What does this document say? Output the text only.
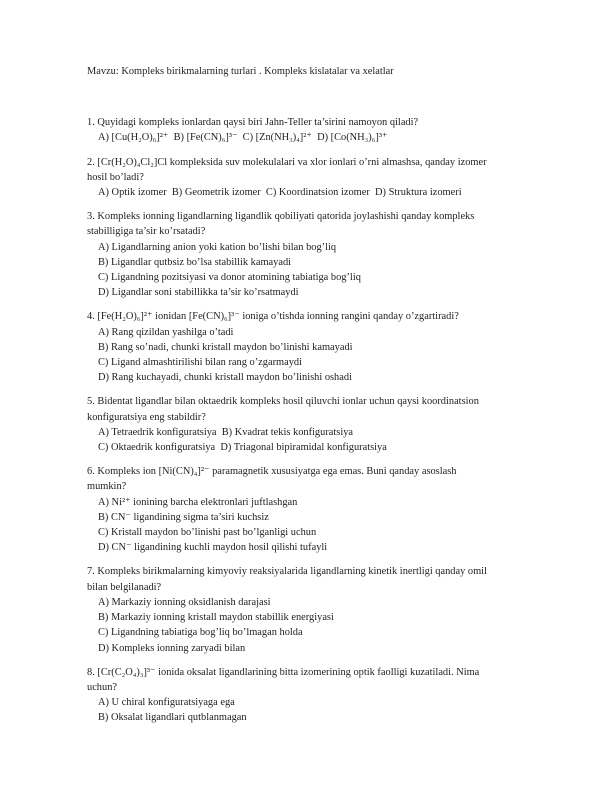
Mavzu: Kompleks birikmalarning turlari . Kompleks kislatalar va xelatlar
1. Quyidagi kompleks ionlardan qaysi biri Jahn-Teller ta’sirini namoyon qiladi?
A) [Cu(H₂O)₆]²⁺  B) [Fe(CN)₆]³⁻  C) [Zn(NH₃)₄]²⁺  D) [Co(NH₃)₆]³⁺
2. [Cr(H₂O)₄Cl₂]Cl kompleksida suv molekulalari va xlor ionlari o’rni almashsa, qanday izomer
hosil bo’ladi?
A) Optik izomer  B) Geometrik izomer  C) Koordinatsion izomer  D) Struktura izomeri
3. Kompleks ionning ligandlarning ligandlik qobiliyati qatorida joylashishi qanday kompleks
stabilligiga ta’sir ko’rsatadi?
A) Ligandlarning anion yoki kation bo’lishi bilan bog’liq
B) Ligandlar qutbsiz bo’lsa stabillik kamayadi
C) Ligandning pozitsiyasi va donor atomining tabiatiga bog’liq
D) Ligandlar soni stabillikka ta’sir ko’rsatmaydi
4. [Fe(H₂O)₆]²⁺ ionidan [Fe(CN)₆]³⁻ ioniga o’tishda ionning rangini qanday o’zgartiradi?
A) Rang qizildan yashilga o’tadi
B) Rang so’nadi, chunki kristall maydon bo’linishi kamayadi
C) Ligand almashtirilishi bilan rang o’zgarmaydi
D) Rang kuchayadi, chunki kristall maydon bo’linishi oshadi
5. Bidentat ligandlar bilan oktaedrik kompleks hosil qiluvchi ionlar uchun qaysi koordinatsion
konfiguratsiya eng stabildir?
A) Tetraedrik konfiguratsiya  B) Kvadrat tekis konfiguratsiya
C) Oktaedrik konfiguratsiya  D) Triagonal bipiramidal konfiguratsiya
6. Kompleks ion [Ni(CN)₄]²⁻ paramagnetik xususiyatga ega emas. Buni qanday asoslash
mumkin?
A) Ni²⁺ ionining barcha elektronlari juftlashgan
B) CN⁻ ligandining sigma ta’siri kuchsiz
C) Kristall maydon bo’linishi past bo’lganligi uchun
D) CN⁻ ligandining kuchli maydon hosil qilishi tufayli
7. Kompleks birikmalarning kimyoviy reaksiyalarida ligandlarning kinetik inertligi qanday omil
bilan belgilanadi?
A) Markaziy ionning oksidlanish darajasi
B) Markaziy ionning kristall maydon stabillik energiyasi
C) Ligandning tabiatiga bog’liq bo’lmagan holda
D) Kompleks ionning zaryadi bilan
8. [Cr(C₂O₄)₃]³⁻ ionida oksalat ligandlarining bitta izomerining optik faolligi kuzatiladi. Nima
uchun?
A) U chiral konfiguratsiyaga ega
B) Oksalat ligandlari qutblanmagan
